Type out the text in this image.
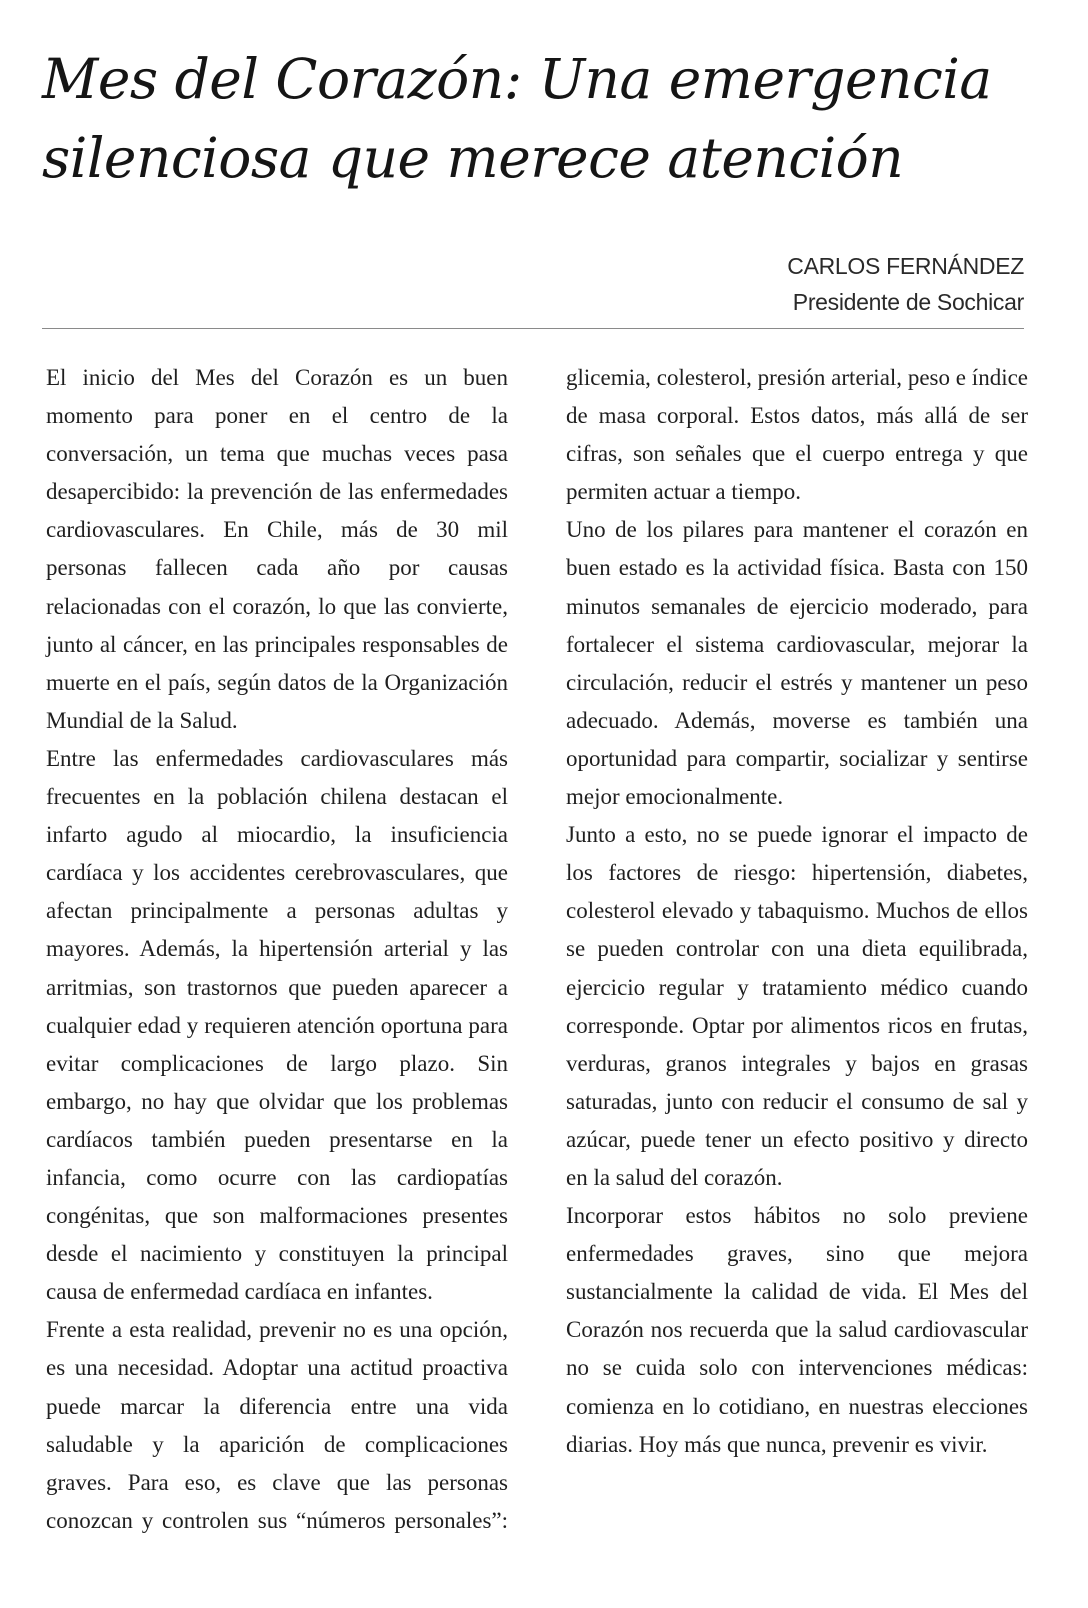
Mes del Corazón: Una emergencia silenciosa que merece atención
CARLOS FERNÁNDEZ
Presidente de Sochicar

El inicio del Mes del Corazón es un buen momento para poner en el centro de la conversación, un tema que muchas veces pasa desapercibido: la prevención de las enfermedades cardiovasculares. En Chile, más de 30 mil personas fallecen cada año por causas relacionadas con el corazón, lo que las convierte, junto al cáncer, en las principales responsables de muerte en el país, según datos de la Organización Mundial de la Salud.

Entre las enfermedades cardiovasculares más frecuentes en la población chilena destacan el infarto agudo al miocardio, la insuficiencia cardíaca y los accidentes cerebrovasculares, que afectan principalmente a personas adultas y mayores. Además, la hipertensión arterial y las arritmias, son trastornos que pueden aparecer a cualquier edad y requieren atención oportuna para evitar complicaciones de largo plazo. Sin embargo, no hay que olvidar que los problemas cardíacos también pueden presentarse en la infancia, como ocurre con las cardiopatías congénitas, que son malformaciones presentes desde el nacimiento y constituyen la principal causa de enfermedad cardíaca en infantes.

Frente a esta realidad, prevenir no es una opción, es una necesidad. Adoptar una actitud proactiva puede marcar la diferencia entre una vida saludable y la aparición de complicaciones graves. Para eso, es clave que las personas conozcan y controlen sus “números personales”: glicemia, colesterol, presión arterial, peso e índice de masa corporal. Estos datos, más allá de ser cifras, son señales que el cuerpo entrega y que permiten actuar a tiempo.

Uno de los pilares para mantener el corazón en buen estado es la actividad física. Basta con 150 minutos semanales de ejercicio moderado, para fortalecer el sistema cardiovascular, mejorar la circulación, reducir el estrés y mantener un peso adecuado. Además, moverse es también una oportunidad para compartir, socializar y sentirse mejor emocionalmente.

Junto a esto, no se puede ignorar el impacto de los factores de riesgo: hipertensión, diabetes, colesterol elevado y tabaquismo. Muchos de ellos se pueden controlar con una dieta equilibrada, ejercicio regular y tratamiento médico cuando corresponde. Optar por alimentos ricos en frutas, verduras, granos integrales y bajos en grasas saturadas, junto con reducir el consumo de sal y azúcar, puede tener un efecto positivo y directo en la salud del corazón.

Incorporar estos hábitos no solo previene enfermedades graves, sino que mejora sustancialmente la calidad de vida. El Mes del Corazón nos recuerda que la salud cardiovascular no se cuida solo con intervenciones médicas: comienza en lo cotidiano, en nuestras elecciones diarias. Hoy más que nunca, prevenir es vivir.
